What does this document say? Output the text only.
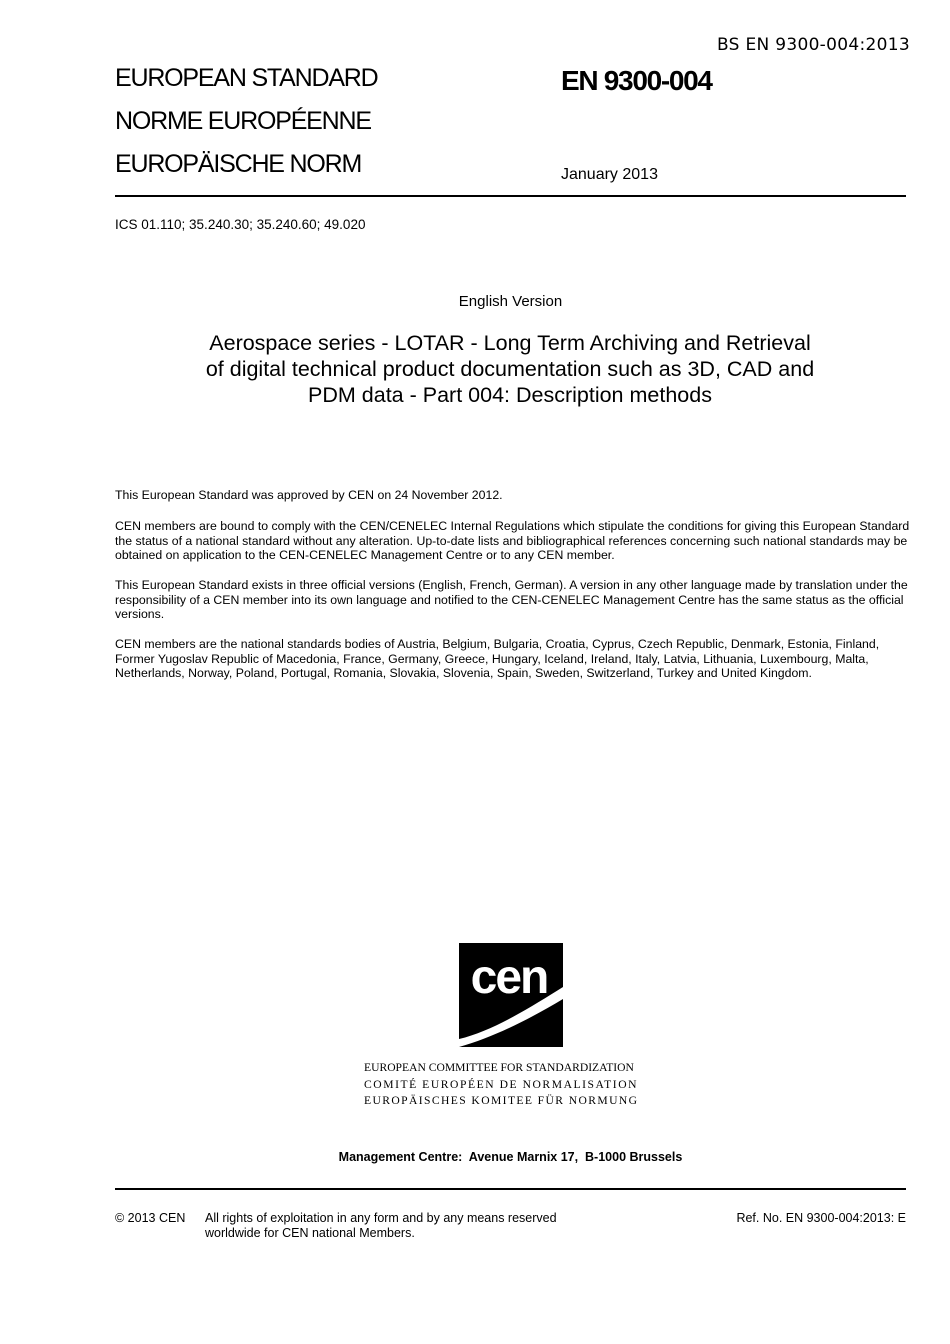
BS EN 9300-004:2013
EUROPEAN STANDARD
NORME EUROPÉENNE
EUROPÄISCHE NORM
EN 9300-004
January 2013
ICS 01.110; 35.240.30; 35.240.60; 49.020
English Version
Aerospace series - LOTAR - Long Term Archiving and Retrieval
of digital technical product documentation such as 3D, CAD and
PDM data - Part 004: Description methods
This European Standard was approved by CEN on 24 November 2012.
CEN members are bound to comply with the CEN/CENELEC Internal Regulations which stipulate the conditions for giving this European Standard the status of a national standard without any alteration. Up-to-date lists and bibliographical references concerning such national standards may be obtained on application to the CEN-CENELEC Management Centre or to any CEN member.
This European Standard exists in three official versions (English, French, German). A version in any other language made by translation under the responsibility of a CEN member into its own language and notified to the CEN-CENELEC Management Centre has the same status as the official versions.
CEN members are the national standards bodies of Austria, Belgium, Bulgaria, Croatia, Cyprus, Czech Republic, Denmark, Estonia, Finland, Former Yugoslav Republic of Macedonia, France, Germany, Greece, Hungary, Iceland, Ireland, Italy, Latvia, Lithuania, Luxembourg, Malta, Netherlands, Norway, Poland, Portugal, Romania, Slovakia, Slovenia, Spain, Sweden, Switzerland, Turkey and United Kingdom.
cen
EUROPEAN COMMITTEE FOR STANDARDIZATION
COMITÉ EUROPÉEN DE NORMALISATION
EUROPÄISCHES KOMITEE FÜR NORMUNG
Management Centre:  Avenue Marnix 17,  B-1000 Brussels
© 2013 CEN All rights of exploitation in any form and by any means reserved
worldwide for CEN national Members.
Ref. No. EN 9300-004:2013: E
